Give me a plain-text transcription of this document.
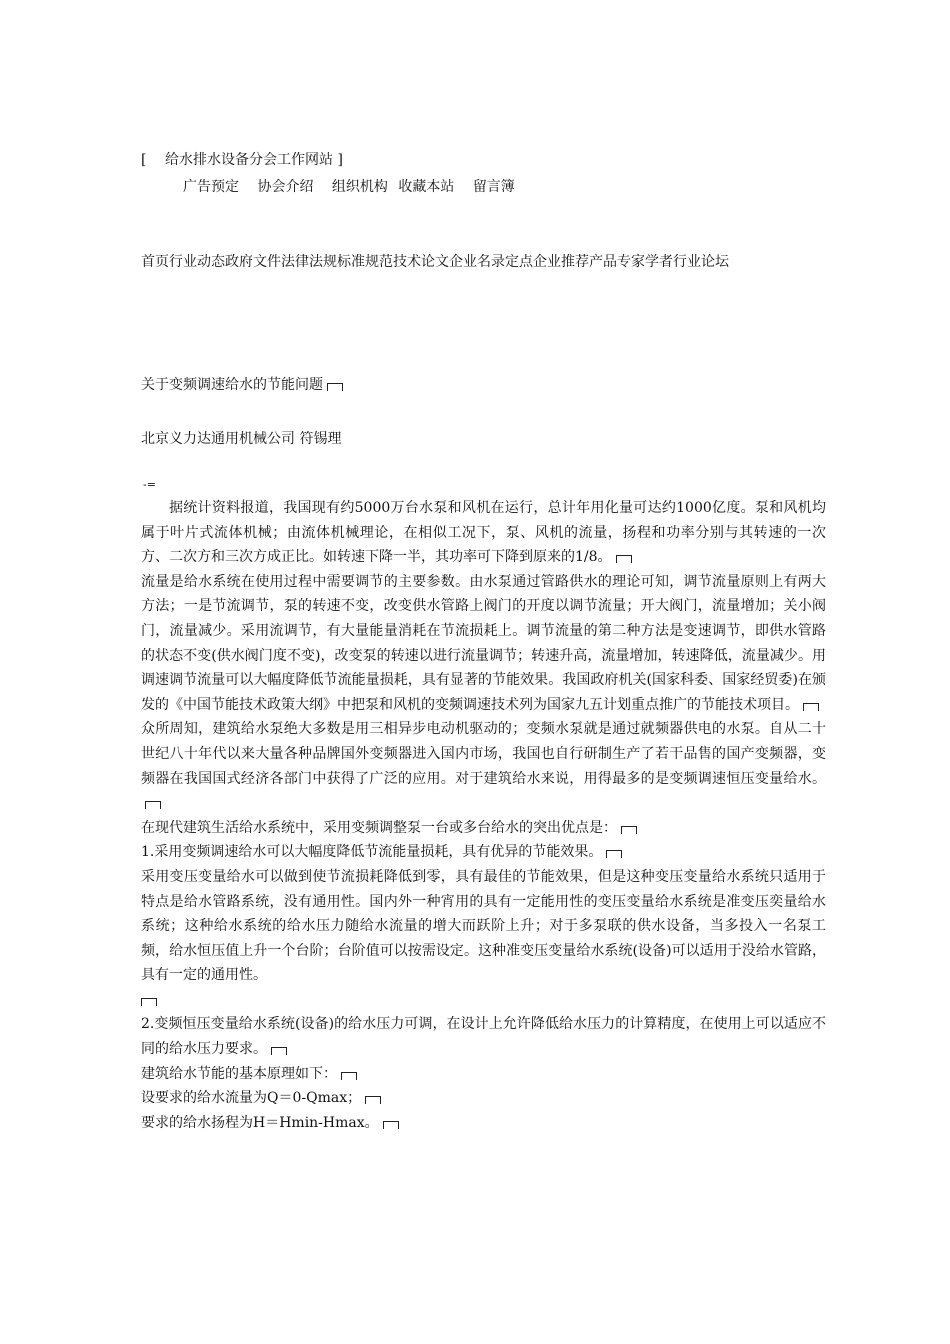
[ 给水排水设备分会工作网站 ]
广告预定 协会介绍 组织机构 收藏本站 留言簿
首页行业动态政府文件法律法规标准规范技术论文企业名录定点企业推荐产品专家学者行业论坛
关于变频调速给水的节能问题
北京义力达通用机械公司 符锡理
-=

据统计资料报道，我国现有约5000万台水泵和风机在运行，总计年用化量可达约1000亿度。泵和风机均属于叶片式流体机械；由流体机械理论，在相似工况下，泵、风机的流量，扬程和功率分别与其转速的一次方、二次方和三次方成正比。如转速下降一半，其功率可下降到原来的1/8。

流量是给水系统在使用过程中需要调节的主要参数。由水泵通过管路供水的理论可知，调节流量原则上有两大方法；一是节流调节，泵的转速不变，改变供水管路上阀门的开度以调节流量；开大阀门，流量增加；关小阀门，流量减少。采用流调节，有大量能量消耗在节流损耗上。调节流量的第二种方法是变速调节，即供水管路的状态不变(供水阀门度不变)，改变泵的转速以进行流量调节；转速升高，流量增加，转速降低，流量减少。用调速调节流量可以大幅度降低节流能量损耗，具有显著的节能效果。我国政府机关(国家科委、国家经贸委)在颁发的《中国节能技术政策大纲》中把泵和风机的变频调速技术列为国家九五计划重点推广的节能技术项目。

众所周知，建筑给水泵绝大多数是用三相异步电动机驱动的；变频水泵就是通过就频器供电的水泵。自从二十世纪八十年代以来大量各种品牌国外变频器进入国内市场，我国也自行研制生产了若干品售的国产变频器，变频器在我国国式经济各部门中获得了广泛的应用。对于建筑给水来说，用得最多的是变频调速恒压变量给水。

在现代建筑生活给水系统中，采用变频调整泵一台或多台给水的突出优点是：

1.采用变频调速给水可以大幅度降低节流能量损耗，具有优异的节能效果。

采用变压变量给水可以做到使节流损耗降低到零，具有最佳的节能效果，但是这种变压变量给水系统只适用于特点是给水管路系统，没有通用性。国内外一种宵用的具有一定能用性的变压变量给水系统是准变压奕量给水系统；这种给水系统的给水压力随给水流量的增大而跃阶上升；对于多泵联的供水设备，当多投入一名泵工频，给水恒压值上升一个台阶；台阶值可以按需设定。这种准变压变量给水系统(设备)可以适用于没给水管路，具有一定的通用性。

2.变频恒压变量给水系统(设备)的给水压力可调，在设计上允许降低给水压力的计算精度，在使用上可以适应不同的给水压力要求。

建筑给水节能的基本原理如下：

设要求的给水流量为Q＝0-Qmax；

要求的给水扬程为H＝Hmin-Hmax。
